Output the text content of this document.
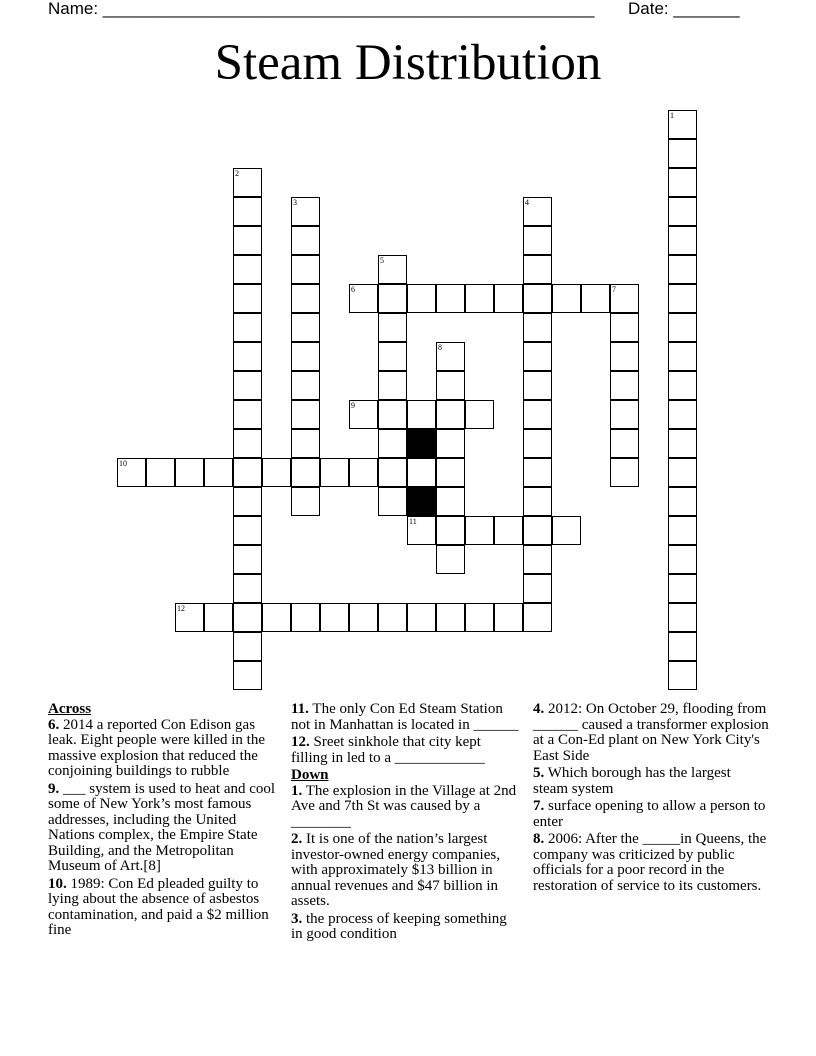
Name: ____________________________________________________ Date: _______
Steam Distribution
1
2
3	4
5
6	7
8
9
10
11
12
Across
6. 2014 a reported Con Edison gas leak. Eight people were killed in the massive explosion that reduced the conjoining buildings to rubble
9. ___ system is used to heat and cool some of New York’s most famous addresses, including the United Nations complex, the Empire State Building, and the Metropolitan Museum of Art.[8]
10. 1989: Con Ed pleaded guilty to lying about the absence of asbestos contamination, and paid a $2 million fine
11. The only Con Ed Steam Station not in Manhattan is located in ______
12. Sreet sinkhole that city kept filling in led to a ____________
Down
1. The explosion in the Village at 2nd Ave and 7th St was caused by a ________
2. It is one of the nation’s largest investor-owned energy companies, with approximately $13 billion in annual revenues and $47 billion in assets.
3. the process of keeping something in good condition
4. 2012: On October 29, flooding from ______ caused a transformer explosion at a Con-Ed plant on New York City's East Side
5. Which borough has the largest steam system
7. surface opening to allow a person to enter
8. 2006: After the _____in Queens, the company was criticized by public officials for a poor record in the restoration of service to its customers.
